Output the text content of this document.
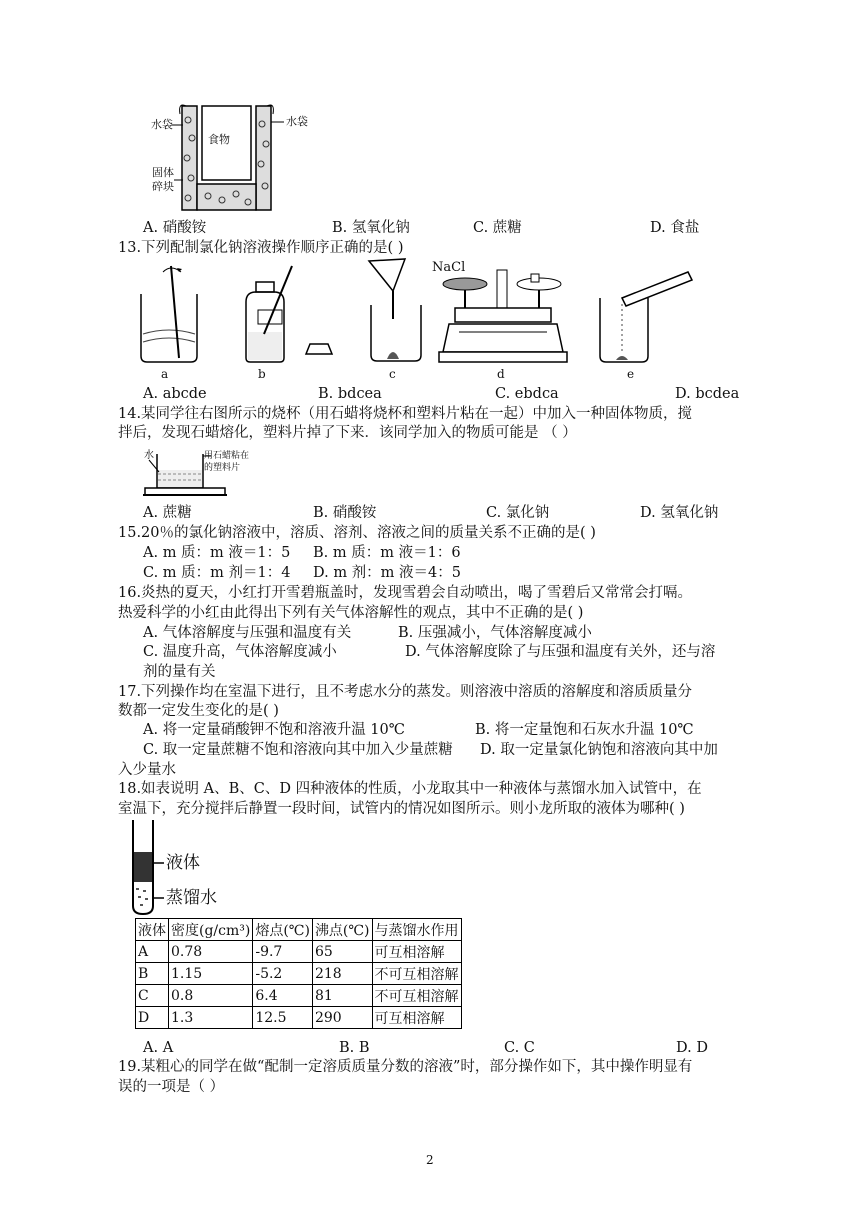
水袋
食物
水袋
固体
碎块
A. 硝酸铵	B. 氢氧化钠	C. 蔗糖	D. 食盐
13.下列配制氯化钠溶液操作顺序正确的是( )
NaCl
a	b	c	d	e
A. abcde	B. bdcea	C. ebdca	D. bcdea
14.某同学往右图所示的烧杯（用石蜡将烧杯和塑料片粘在一起）中加入一种固体物质，搅
拌后，发现石蜡熔化，塑料片掉了下来．该同学加入的物质可能是 （ ）
水	用石蜡粘在
的塑料片
A. 蔗糖	B. 硝酸铵	C. 氯化钠	D. 氢氧化钠
15.20％的氯化钠溶液中，溶质、溶剂、溶液之间的质量关系不正确的是( )
A. m 质：m 液＝1：5 B. m 质：m 液＝1：6
C. m 质：m 剂＝1：4 D. m 剂：m 液＝4：5
16.炎热的夏天，小红打开雪碧瓶盖时，发现雪碧会自动喷出，喝了雪碧后又常常会打嗝。
热爱科学的小红由此得出下列有关气体溶解性的观点，其中不正确的是( )
A. 气体溶解度与压强和温度有关	B. 压强减小，气体溶解度减小
C. 温度升高，气体溶解度减小	D. 气体溶解度除了与压强和温度有关外，还与溶
剂的量有关
17.下列操作均在室温下进行，且不考虑水分的蒸发。则溶液中溶质的溶解度和溶质质量分
数都一定发生变化的是( )
A. 将一定量硝酸钾不饱和溶液升温 10℃	B. 将一定量饱和石灰水升温 10℃
C. 取一定量蔗糖不饱和溶液向其中加入少量蔗糖 D. 取一定量氯化钠饱和溶液向其中加
入少量水
18.如表说明 A、B、C、D 四种液体的性质，小龙取其中一种液体与蒸馏水加入试管中，在
室温下，充分搅拌后静置一段时间，试管内的情况如图所示。则小龙所取的液体为哪种( )
液体
蒸馏水
液体	密度(g/cm³)	熔点(℃)	沸点(℃)	与蒸馏水作用
A	0.78	-9.7	65	可互相溶解
B	1.15	-5.2	218	不可互相溶解
C	0.8	6.4	81	不可互相溶解
D	1.3	12.5	290	可互相溶解
A. A	B. B	C. C	D. D
19.某粗心的同学在做“配制一定溶质质量分数的溶液”时，部分操作如下，其中操作明显有
误的一项是（ ）
2
